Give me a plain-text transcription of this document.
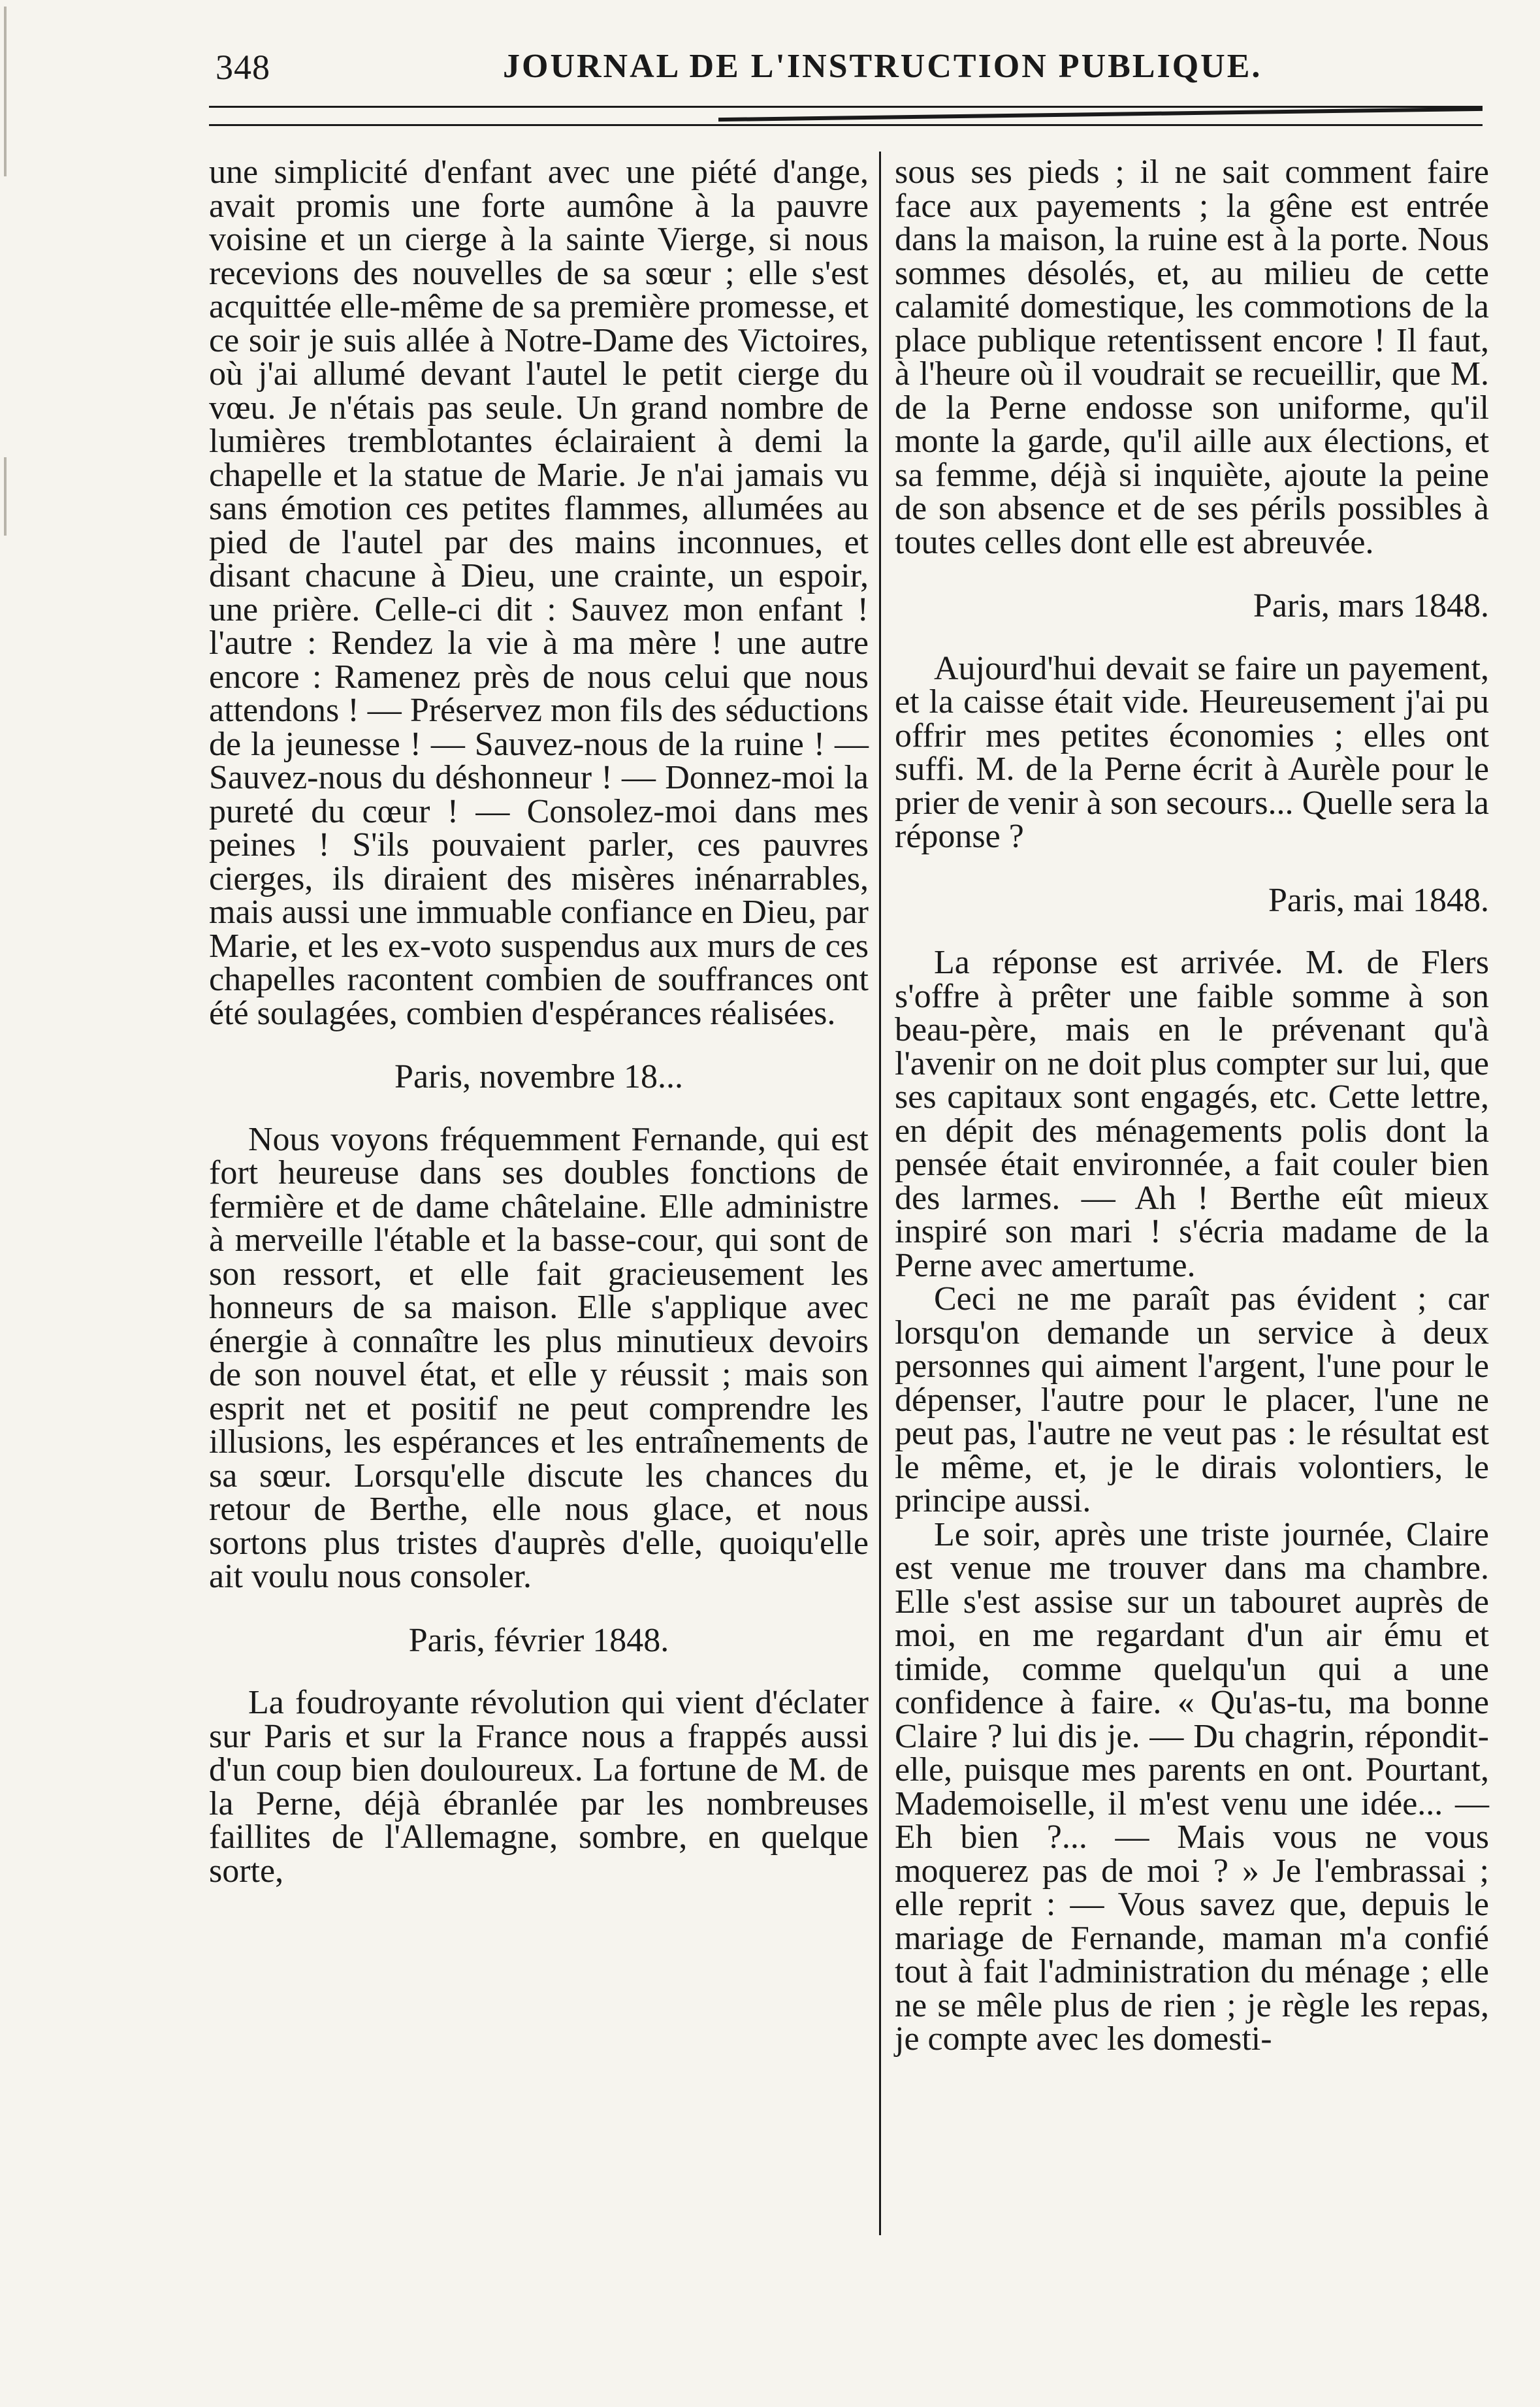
348	JOURNAL DE L'INSTRUCTION PUBLIQUE.

une simplicité d'enfant avec une piété d'ange, avait promis une forte aumône à la pauvre voisine et un cierge à la sainte Vierge, si nous recevions des nouvelles de sa sœur ; elle s'est acquittée elle-même de sa première promesse, et ce soir je suis allée à Notre-Dame des Victoires, où j'ai allumé devant l'autel le petit cierge du vœu. Je n'étais pas seule. Un grand nombre de lumières tremblotantes éclairaient à demi la chapelle et la statue de Marie. Je n'ai jamais vu sans émotion ces petites flammes, allumées au pied de l'autel par des mains inconnues, et disant chacune à Dieu, une crainte, un espoir, une prière. Celle-ci dit : Sauvez mon enfant ! l'autre : Rendez la vie à ma mère ! une autre encore : Ramenez près de nous celui que nous attendons ! — Préservez mon fils des séductions de la jeunesse ! — Sauvez-nous de la ruine ! — Sauvez-nous du déshonneur ! — Donnez-moi la pureté du cœur ! — Consolez-moi dans mes peines ! S'ils pouvaient parler, ces pauvres cierges, ils diraient des misères inénarrables, mais aussi une immuable confiance en Dieu, par Marie, et les ex-voto suspendus aux murs de ces chapelles racontent combien de souffrances ont été soulagées, combien d'espérances réalisées.

Paris, novembre 18...

Nous voyons fréquemment Fernande, qui est fort heureuse dans ses doubles fonctions de fermière et de dame châtelaine. Elle administre à merveille l'étable et la basse-cour, qui sont de son ressort, et elle fait gracieusement les honneurs de sa maison. Elle s'applique avec énergie à connaître les plus minutieux devoirs de son nouvel état, et elle y réussit ; mais son esprit net et positif ne peut comprendre les illusions, les espérances et les entraînements de sa sœur. Lorsqu'elle discute les chances du retour de Berthe, elle nous glace, et nous sortons plus tristes d'auprès d'elle, quoiqu'elle ait voulu nous consoler.

Paris, février 1848.

La foudroyante révolution qui vient d'éclater sur Paris et sur la France nous a frappés aussi d'un coup bien douloureux. La fortune de M. de la Perne, déjà ébranlée par les nombreuses faillites de l'Allemagne, sombre, en quelque sorte,

sous ses pieds ; il ne sait comment faire face aux payements ; la gêne est entrée dans la maison, la ruine est à la porte. Nous sommes désolés, et, au milieu de cette calamité domestique, les commotions de la place publique retentissent encore ! Il faut, à l'heure où il voudrait se recueillir, que M. de la Perne endosse son uniforme, qu'il monte la garde, qu'il aille aux élections, et sa femme, déjà si inquiète, ajoute la peine de son absence et de ses périls possibles à toutes celles dont elle est abreuvée.

Paris, mars 1848.

Aujourd'hui devait se faire un payement, et la caisse était vide. Heureusement j'ai pu offrir mes petites économies ; elles ont suffi. M. de la Perne écrit à Aurèle pour le prier de venir à son secours... Quelle sera la réponse ?

Paris, mai 1848.

La réponse est arrivée. M. de Flers s'offre à prêter une faible somme à son beau-père, mais en le prévenant qu'à l'avenir on ne doit plus compter sur lui, que ses capitaux sont engagés, etc. Cette lettre, en dépit des ménagements polis dont la pensée était environnée, a fait couler bien des larmes. — Ah ! Berthe eût mieux inspiré son mari ! s'écria madame de la Perne avec amertume.

Ceci ne me paraît pas évident ; car lorsqu'on demande un service à deux personnes qui aiment l'argent, l'une pour le dépenser, l'autre pour le placer, l'une ne peut pas, l'autre ne veut pas : le résultat est le même, et, je le dirais volontiers, le principe aussi.

Le soir, après une triste journée, Claire est venue me trouver dans ma chambre. Elle s'est assise sur un tabouret auprès de moi, en me regardant d'un air ému et timide, comme quelqu'un qui a une confidence à faire. « Qu'as-tu, ma bonne Claire ? lui dis je. — Du chagrin, répondit-elle, puisque mes parents en ont. Pourtant, Mademoiselle, il m'est venu une idée... — Eh bien ?... — Mais vous ne vous moquerez pas de moi ? » Je l'embrassai ; elle reprit : — Vous savez que, depuis le mariage de Fernande, maman m'a confié tout à fait l'administration du ménage ; elle ne se mêle plus de rien ; je règle les repas, je compte avec les domesti-
